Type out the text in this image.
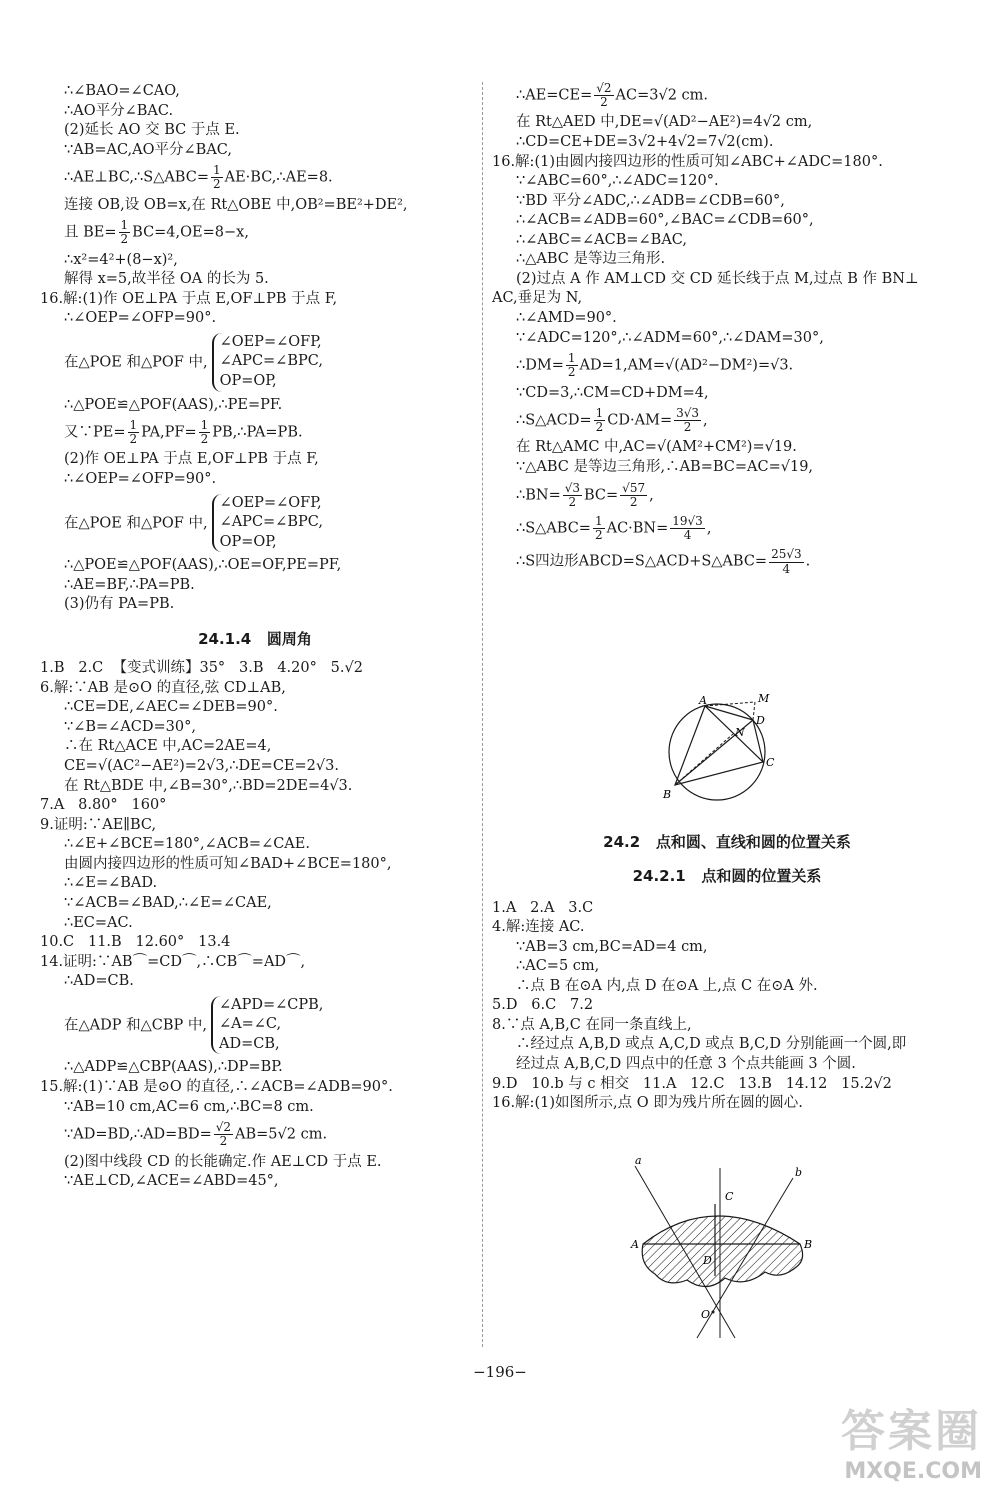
∴∠BAO=∠CAO,
∴AO平分∠BAC.
(2)延长 AO 交 BC 于点 E.
∵AB=AC,AO平分∠BAC,
∴AE⊥BC,∴S△ABC= $\frac{1}{2}$ AE·BC,∴AE=8.
连接 OB,设 OB=x,在 Rt△OBE 中,OB²=BE²+DE²,
且 $BE= \frac{1}{2} BC=4,OE=8-x$,
∴x²=4²+(8−x)²,
解得 x=5,故半径 OA 的长为 5.
16.解:(1)作 OE⊥PA 于点 E,OF⊥PB 于点 F,
∴∠OEP=∠OFP=90°.
在△POE 和△POF 中,
∠OEP=∠OFP,
∠APC=∠BPC,
OP=OP,
∴△POE≌△POF(AAS),∴PE=PF.
又∵PE= $\frac{1}{2} PA,PF= \frac{1}{2}$ PB,∴PA=PB.
(2)作 OE⊥PA 于点 E,OF⊥PB 于点 F,
∴∠OEP=∠OFP=90°.
在△POE 和△POF 中,
∠OEP=∠OFP,
∠APC=∠BPC,
OP=OP,
∴△POE≌△POF(AAS),∴OE=OF,PE=PF,
∴AE=BF,∴PA=PB.
(3)仍有 PA=PB.
24.1.4   圆周角
1.B   2.C  【变式训练】35°   3.B   4.20°   5.√2
6.解:∵AB 是⊙O 的直径,弦 CD⊥AB,
∴CE=DE,∠AEC=∠DEB=90°.
∵∠B=∠ACD=30°,
∴在 Rt△ACE 中,AC=2AE=4,
CE=√(AC²−AE²)=2√3,∴DE=CE=2√3.
在 Rt△BDE 中,∠B=30°,∴BD=2DE=4√3.
7.A   8.80°   160°
9.证明:∵AE∥BC,
∴∠E+∠BCE=180°,∠ACB=∠CAE.
由圆内接四边形的性质可知∠BAD+∠BCE=180°,
∴∠E=∠BAD.
∵∠ACB=∠BAD,∴∠E=∠CAE,
∴EC=AC.
10.C   11.B   12.60°   13.4
14.证明:∵AB⌒=CD⌒,∴CB⌒=AD⌒,
∴AD=CB.
在△ADP 和△CBP 中,
∠APD=∠CPB,
∠A=∠C,
AD=CB,
∴△ADP≌△CBP(AAS),∴DP=BP.
15.解:(1)∵AB 是⊙O 的直径,∴∠ACB=∠ADB=90°.
∵AB=10 cm,AC=6 cm,∴BC=8 cm.
∵AD=BD,∴AD=BD= $\frac{√2}{2} AB=5√2$ cm.
(2)图中线段 CD 的长能确定.作 AE⊥CD 于点 E.
∵AE⊥CD,∠ACE=∠ABD=45°,
∴AE=CE= $\frac{√2}{2} AC=3√2$ cm.
在 Rt△AED 中,DE=√(AD²−AE²)=4√2 cm,
∴CD=CE+DE=3√2+4√2=7√2(cm).
16.解:(1)由圆内接四边形的性质可知∠ABC+∠ADC=180°.
∵∠ABC=60°,∴∠ADC=120°.
∵BD 平分∠ADC,∴∠ADB=∠CDB=60°,
∴∠ACB=∠ADB=60°,∠BAC=∠CDB=60°,
∴∠ABC=∠ACB=∠BAC,
∴△ABC 是等边三角形.
(2)过点 A 作 AM⊥CD 交 CD 延长线于点 M,过点 B 作 BN⊥
AC,垂足为 N,
∴∠AMD=90°.
∵∠ADC=120°,∴∠ADM=60°,∴∠DAM=30°,
∴DM= $\frac{1}{2} AD=1,AM=√(AD^2-DM^2)=√3$.
∵CD=3,∴CM=CD+DM=4,
∴S△ACD= $\frac{1}{2} CD\cdot AM= \frac{3√3}{2}$ ,
在 Rt△AMC 中,AC=√(AM²+CM²)=√19.
∵△ABC 是等边三角形,∴AB=BC=AC=√19,
∴BN= $\frac{√3}{2} BC= \frac{√57}{2}$ ,
∴S△ABC= $\frac{1}{2} AC\cdot BN= \frac{19√3}{4}$ ,
∴S四边形ABCD=S△ACD+S△ABC= $\frac{25√3}{4}$ .
A
B
C
D
M
N
24.2   点和圆、直线和圆的位置关系
24.2.1   点和圆的位置关系
1.A   2.A   3.C
4.解:连接 AC.
∵AB=3 cm,BC=AD=4 cm,
∴AC=5 cm,
∴点 B 在⊙A 内,点 D 在⊙A 上,点 C 在⊙A 外.
5.D   6.C   7.2
8.∵点 A,B,C 在同一条直线上,
∴经过点 A,B,D 或点 A,C,D 或点 B,C,D 分别能画一个圆,即
经过点 A,B,C,D 四点中的任意 3 个点共能画 3 个圆.
9.D   10.b 与 c 相交   11.A   12.C   13.B   14.12   15.2√2
16.解:(1)如图所示,点 O 即为残片所在圆的圆心.
a
b
A	B
C
D
O
−196−
答案圈
MXQE.COM
